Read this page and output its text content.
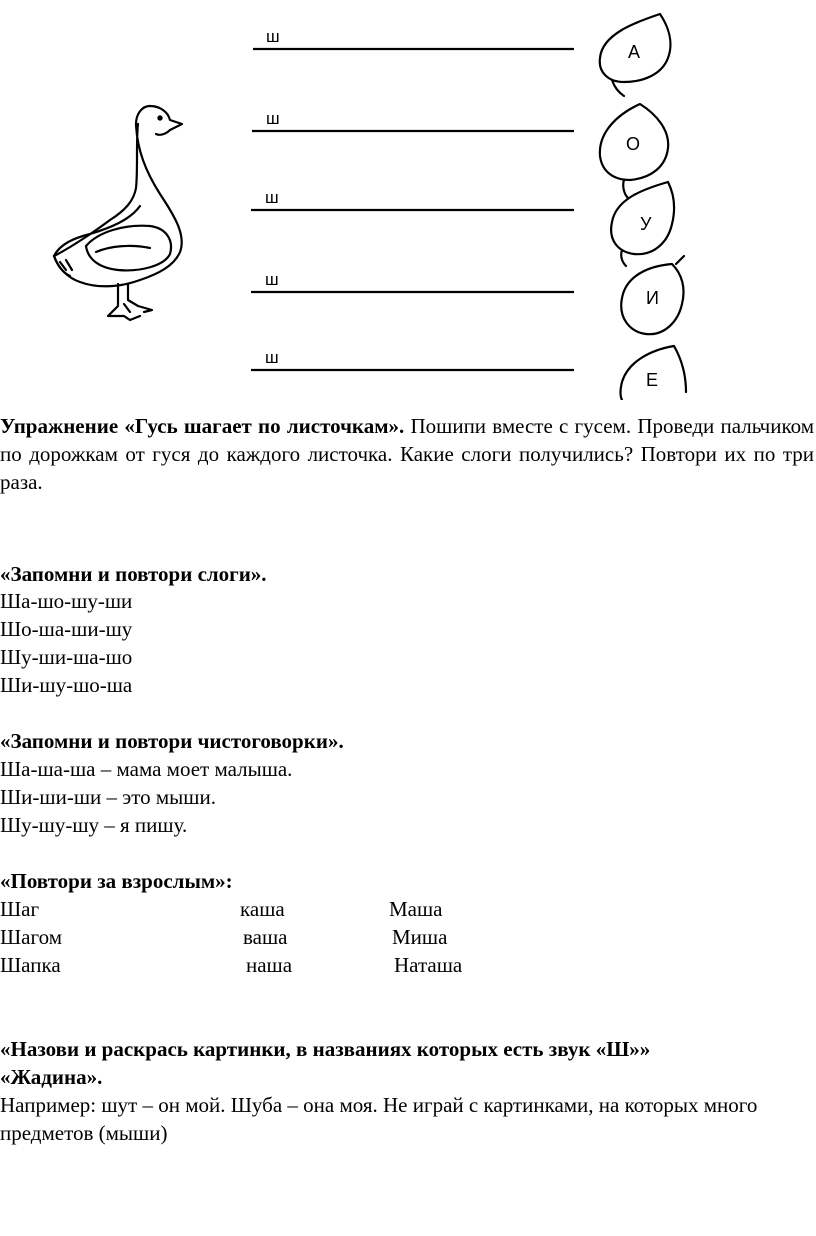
ш
ш
ш
ш
ш
А
О
У
И
Е
Упражнение «Гусь шагает по листочкам». Пошипи вместе с гусем. Проведи пальчиком по дорожкам от гуся до каждого листочка. Какие слоги получились? Повтори их по три раза.
«Запомни и повтори слоги».
Ша-шо-шу-ши
Шо-ша-ши-шу
Шу-ши-ша-шо
Ши-шу-шо-ша
«Запомни и повтори чистоговорки».
Ша-ша-ша – мама моет малыша.
Ши-ши-ши – это мыши.
Шу-шу-шу – я пишу.
«Повтори за взрослым»:
Шаг	каша	Маша
Шагом	ваша	Миша
Шапка	наша	Наташа
«Назови и раскрась картинки, в названиях которых есть звук «Ш»»
«Жадина».
Например: шут – он мой. Шуба – она моя. Не играй с картинками, на которых много предметов (мыши)
